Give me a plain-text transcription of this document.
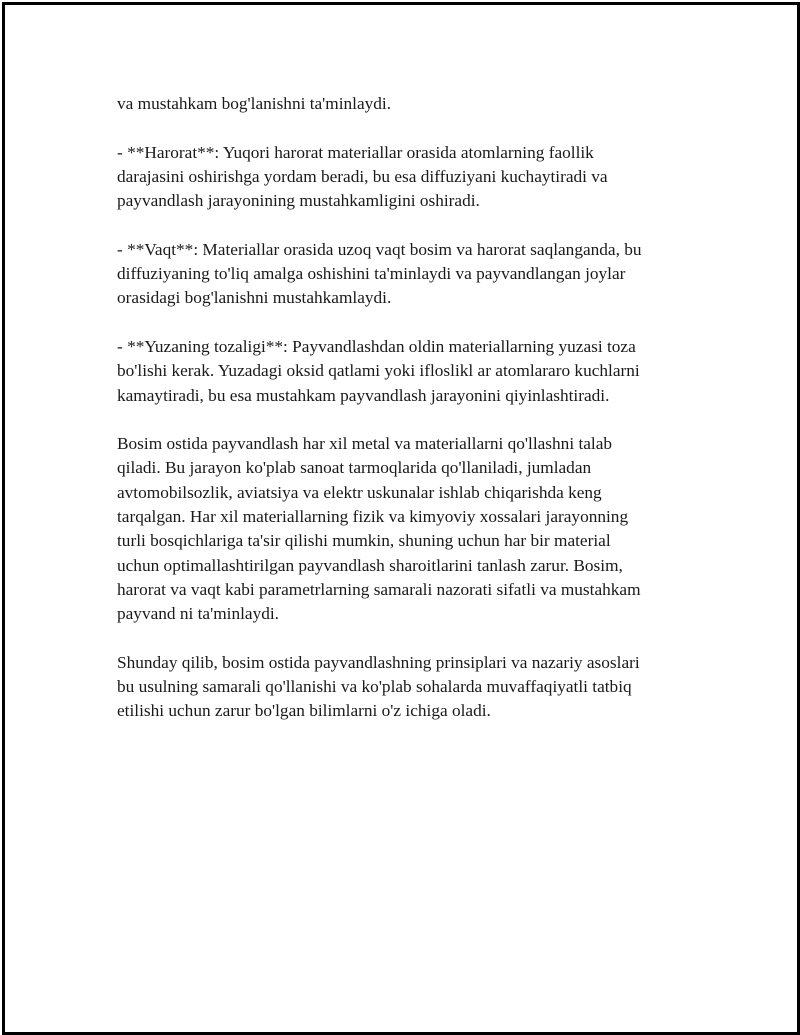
va mustahkam bog'lanishni ta'minlaydi.

- **Harorat**: Yuqori harorat materiallar orasida atomlarning faollik
darajasini oshirishga yordam beradi, bu esa diffuziyani kuchaytiradi va
payvandlash jarayonining mustahkamligini oshiradi.

- **Vaqt**: Materiallar orasida uzoq vaqt bosim va harorat saqlanganda, bu
diffuziyaning to'liq amalga oshishini ta'minlaydi va payvandlangan joylar
orasidagi bog'lanishni mustahkamlaydi.

- **Yuzaning tozaligi**: Payvandlashdan oldin materiallarning yuzasi toza
bo'lishi kerak. Yuzadagi oksid qatlami yoki ifloslikl ar atomlararo kuchlarni
kamaytiradi, bu esa mustahkam payvandlash jarayonini qiyinlashtiradi.

Bosim ostida payvandlash har xil metal va materiallarni qo'llashni talab
qiladi. Bu jarayon ko'plab sanoat tarmoqlarida qo'llaniladi, jumladan
avtomobilsozlik, aviatsiya va elektr uskunalar ishlab chiqarishda keng
tarqalgan. Har xil materiallarning fizik va kimyoviy xossalari jarayonning
turli bosqichlariga ta'sir qilishi mumkin, shuning uchun har bir material
uchun optimallashtirilgan payvandlash sharoitlarini tanlash zarur. Bosim,
harorat va vaqt kabi parametrlarning samarali nazorati sifatli va mustahkam
payvand ni ta'minlaydi.

Shunday qilib, bosim ostida payvandlashning prinsiplari va nazariy asoslari
bu usulning samarali qo'llanishi va ko'plab sohalarda muvaffaqiyatli tatbiq
etilishi uchun zarur bo'lgan bilimlarni o'z ichiga oladi.
